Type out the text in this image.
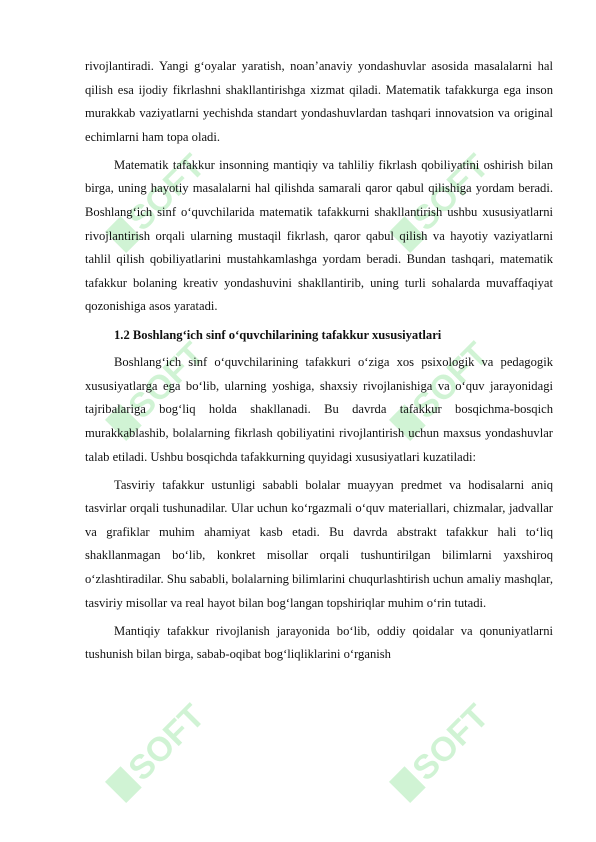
SOFT	SOFT
SOFT	SOFT
SOFT	SOFT

rivojlantiradi. Yangi g‘oyalar yaratish, noan’anaviy yondashuvlar asosida masalalarni hal qilish esa ijodiy fikrlashni shakllantirishga xizmat qiladi. Matematik tafakkurga ega inson murakkab vaziyatlarni yechishda standart yondashuvlardan tashqari innovatsion va original echimlarni ham topa oladi.

Matematik tafakkur insonning mantiqiy va tahliliy fikrlash qobiliyatini oshirish bilan birga, uning hayotiy masalalarni hal qilishda samarali qaror qabul qilishiga yordam beradi. Boshlang‘ich sinf o‘quvchilarida matematik tafakkurni shakllantirish ushbu xususiyatlarni rivojlantirish orqali ularning mustaqil fikrlash, qaror qabul qilish va hayotiy vaziyatlarni tahlil qilish qobiliyatlarini mustahkamlashga yordam beradi. Bundan tashqari, matematik tafakkur bolaning kreativ yondashuvini shakllantirib, uning turli sohalarda muvaffaqiyat qozonishiga asos yaratadi.

1.2 Boshlang‘ich sinf o‘quvchilarining tafakkur xususiyatlari

Boshlang‘ich sinf o‘quvchilarining tafakkuri o‘ziga xos psixologik va pedagogik xususiyatlarga ega bo‘lib, ularning yoshiga, shaxsiy rivojlanishiga va o‘quv jarayonidagi tajribalariga bog‘liq holda shakllanadi. Bu davrda tafakkur bosqichma-bosqich murakkablashib, bolalarning fikrlash qobiliyatini rivojlantirish uchun maxsus yondashuvlar talab etiladi. Ushbu bosqichda tafakkurning quyidagi xususiyatlari kuzatiladi:

Tasviriy tafakkur ustunligi sababli bolalar muayyan predmet va hodisalarni aniq tasvirlar orqali tushunadilar. Ular uchun ko‘rgazmali o‘quv materiallari, chizmalar, jadvallar va grafiklar muhim ahamiyat kasb etadi. Bu davrda abstrakt tafakkur hali to‘liq shakllanmagan bo‘lib, konkret misollar orqali tushuntirilgan bilimlarni yaxshiroq o‘zlashtiradilar. Shu sababli, bolalarning bilimlarini chuqurlashtirish uchun amaliy mashqlar, tasviriy misollar va real hayot bilan bog‘langan topshiriqlar muhim o‘rin tutadi.

Mantiqiy tafakkur rivojlanish jarayonida bo‘lib, oddiy qoidalar va qonuniyatlarni tushunish bilan birga, sabab-oqibat bog‘liqliklarini o‘rganish
